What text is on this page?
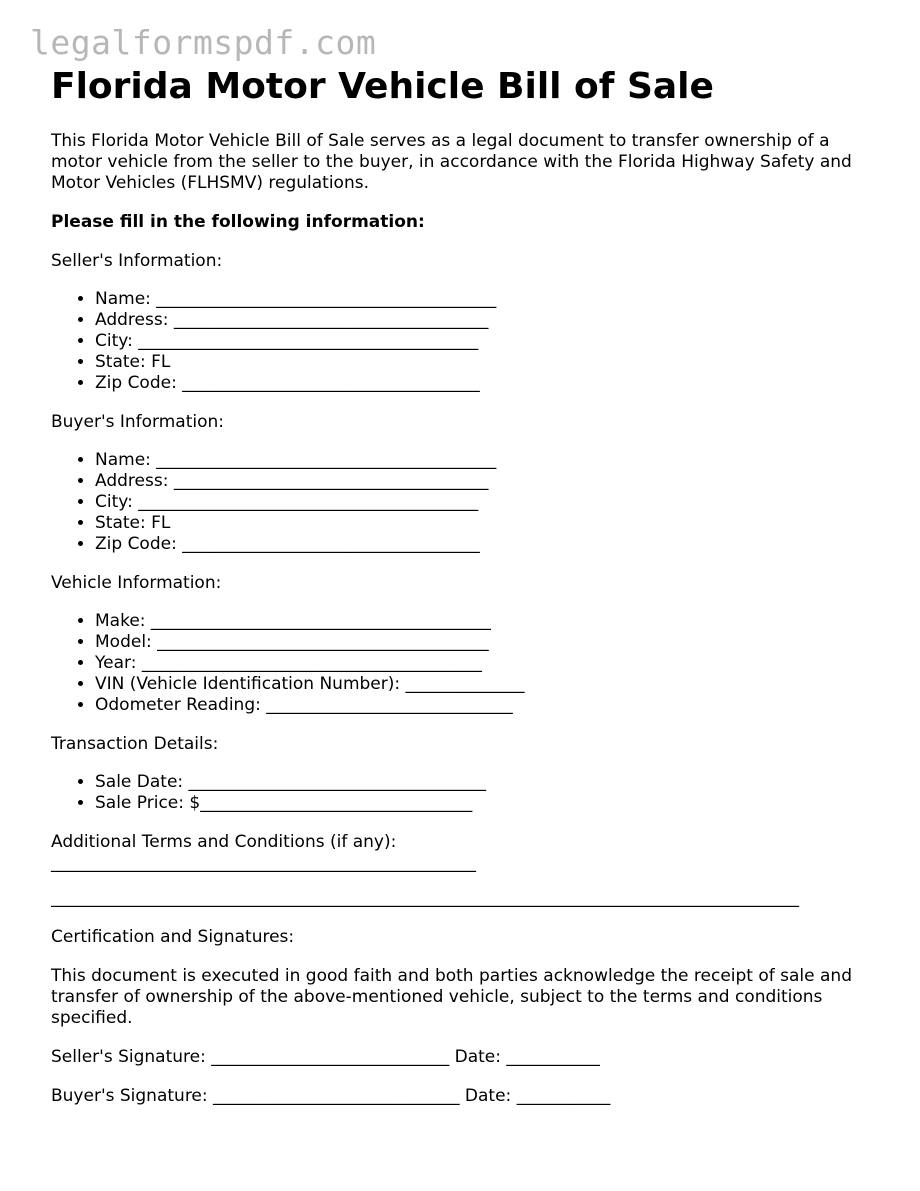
legalformspdf.com
Florida Motor Vehicle Bill of Sale

This Florida Motor Vehicle Bill of Sale serves as a legal document to transfer ownership of a motor vehicle from the seller to the buyer, in accordance with the Florida Highway Safety and Motor Vehicles (FLHSMV) regulations.

Please fill in the following information:

Seller's Information:

• Name: ________________________________________
• Address: _____________________________________
• City: ________________________________________
• State: FL
• Zip Code: ___________________________________

Buyer's Information:

• Name: ________________________________________
• Address: _____________________________________
• City: ________________________________________
• State: FL
• Zip Code: ___________________________________

Vehicle Information:

• Make: ________________________________________
• Model: _______________________________________
• Year: ________________________________________
• VIN (Vehicle Identification Number): ______________
• Odometer Reading: _____________________________

Transaction Details:

• Sale Date: ___________________________________
• Sale Price: $________________________________

Additional Terms and Conditions (if any):

__________________________________________________

________________________________________________________________________________________

Certification and Signatures:

This document is executed in good faith and both parties acknowledge the receipt of sale and transfer of ownership of the above-mentioned vehicle, subject to the terms and conditions specified.

Seller's Signature: ____________________________ Date: ___________

Buyer's Signature: _____________________________ Date: ___________
